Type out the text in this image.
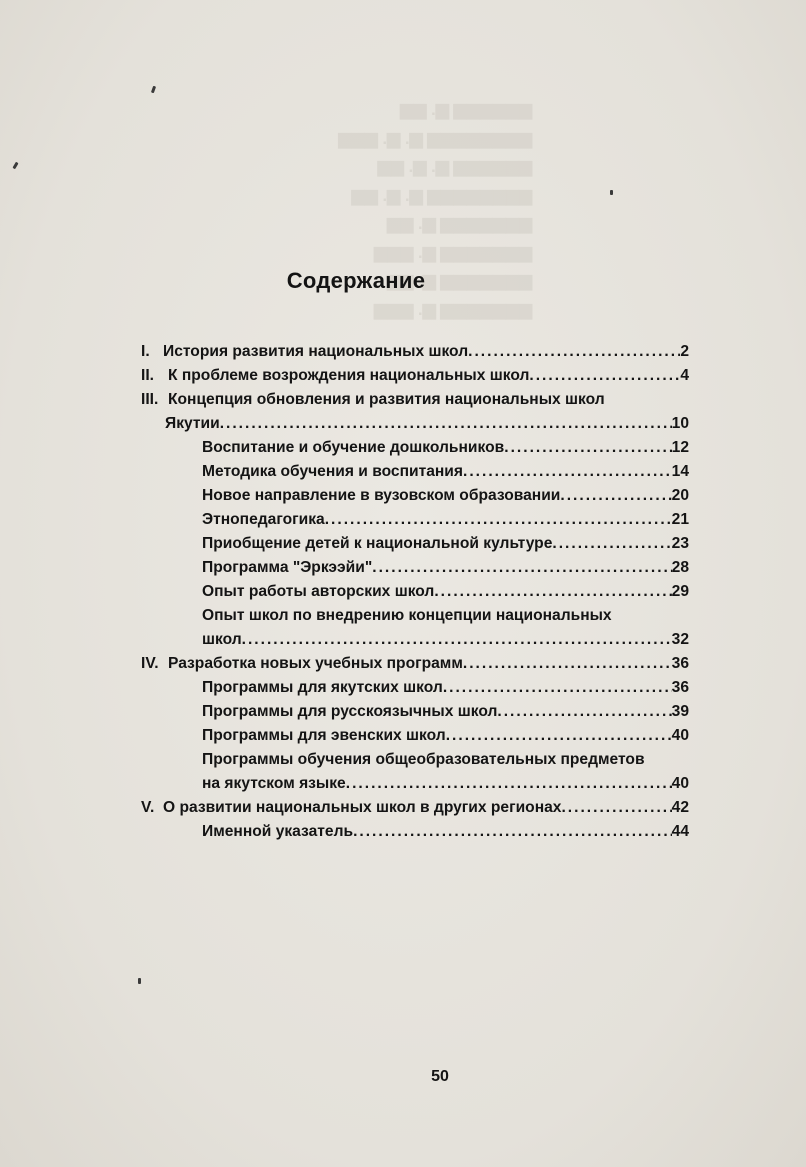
▆▆▆▆▆▆ ▆. ▆▆
▆▆▆▆▆▆▆▆ ▆. ▆. ▆▆▆
▆▆▆▆▆▆ ▆. ▆. ▆▆
▆▆▆▆▆▆▆▆ ▆. ▆. ▆▆
▆▆▆▆▆▆▆ ▆. ▆▆
▆▆▆▆▆▆▆ ▆. ▆▆▆
▆▆▆▆▆▆▆ ▆. ▆▆
▆▆▆▆▆▆▆ ▆. ▆▆▆
Содержание
I. История развития национальных школ .....	2
II. К проблеме возрождения национальных школ .....	4
III. Концепция обновления и развития национальных школ
Якутии .....	10
Воспитание и обучение дошкольников .....	12
Методика обучения и воспитания .....	14
Новое направление в вузовском образовании .....	20
Этнопедагогика .....	21
Приобщение детей к национальной культуре .....	23
Программа "Эркээйи" .....	28
Опыт работы авторских школ .....	29
Опыт школ по внедрению концепции национальных
школ .....	32
IV. Разработка новых учебных программ .....	36
Программы для якутских школ .....	36
Программы для русскоязычных школ .....	39
Программы для эвенских школ .....	40
Программы обучения общеобразовательных предметов
на якутском языке .....	40
V. О развитии национальных школ в других регионах .....	42
Именной указатель .....	44
50
